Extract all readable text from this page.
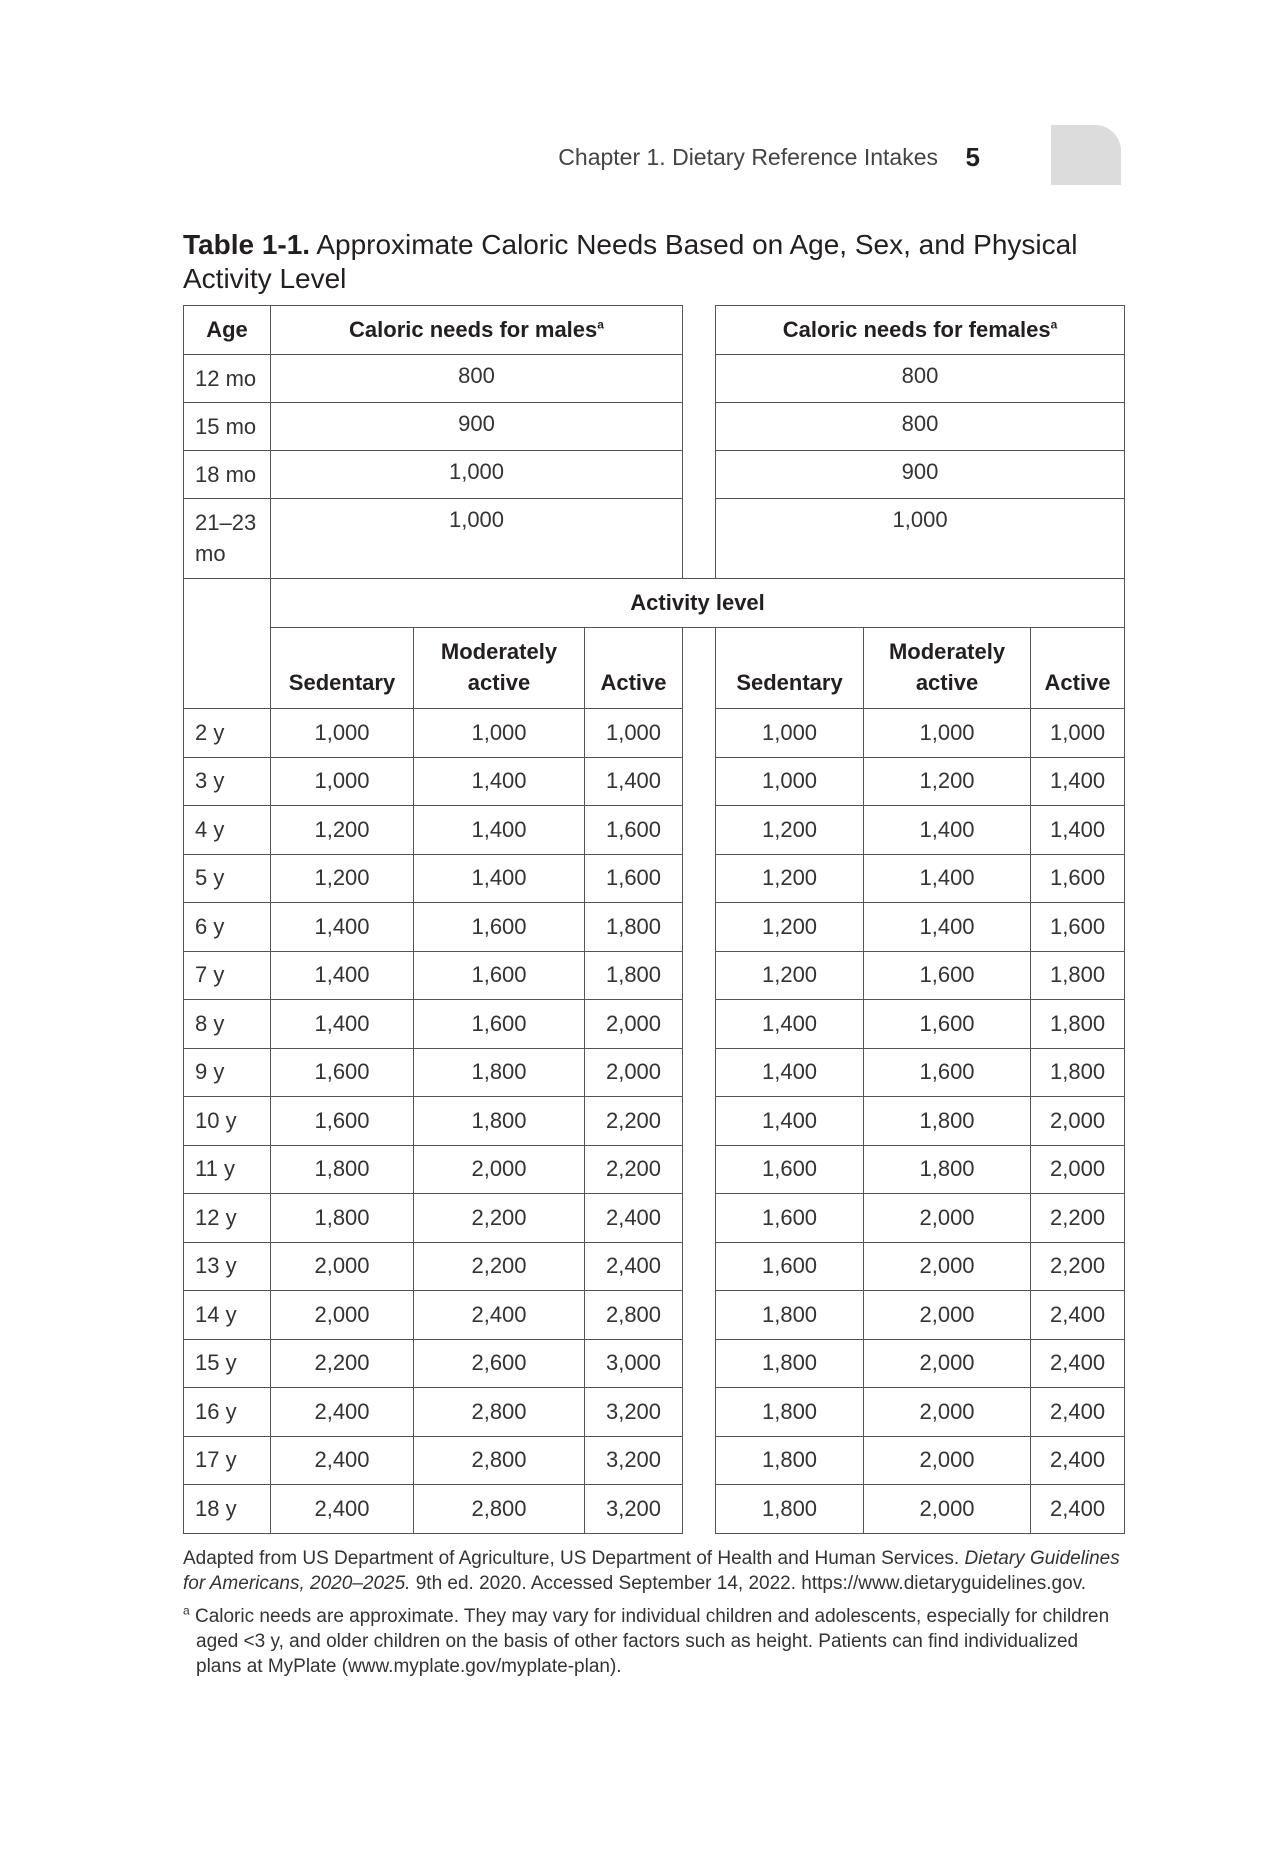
Chapter 1. Dietary Reference Intakes 5
Table 1-1. Approximate Caloric Needs Based on Age, Sex, and Physical Activity Level
Age	Caloric needs for males$^a$				Caloric needs for females$^a$
12 mo	800				800		
15 mo	900				800		
18 mo	1,000				900		
21–23 mo	1,000				1,000		
	Activity level						
	Sedentary	Moderately active	Active		Sedentary	Moderately active	Active
2 y	1,000	1,000	1,000		1,000	1,000	1,000
3 y	1,000	1,400	1,400		1,000	1,200	1,400
4 y	1,200	1,400	1,600		1,200	1,400	1,400
5 y	1,200	1,400	1,600		1,200	1,400	1,600
6 y	1,400	1,600	1,800		1,200	1,400	1,600
7 y	1,400	1,600	1,800		1,200	1,600	1,800
8 y	1,400	1,600	2,000		1,400	1,600	1,800
9 y	1,600	1,800	2,000		1,400	1,600	1,800
10 y	1,600	1,800	2,200		1,400	1,800	2,000
11 y	1,800	2,000	2,200		1,600	1,800	2,000
12 y	1,800	2,200	2,400		1,600	2,000	2,200
13 y	2,000	2,200	2,400		1,600	2,000	2,200
14 y	2,000	2,400	2,800		1,800	2,000	2,400
15 y	2,200	2,600	3,000		1,800	2,000	2,400
16 y	2,400	2,800	3,200		1,800	2,000	2,400
17 y	2,400	2,800	3,200		1,800	2,000	2,400
18 y	2,400	2,800	3,200		1,800	2,000	2,400

Adapted from US Department of Agriculture, US Department of Health and Human Services. Dietary Guidelines for Americans, 2020–2025. 9th ed. 2020. Accessed September 14, 2022. https://www.dietaryguidelines.gov.

$^a$ Caloric needs are approximate. They may vary for individual children and adolescents, especially for children aged <3 y, and older children on the basis of other factors such as height. Patients can find individualized plans at MyPlate (www.myplate.gov/myplate-plan).
